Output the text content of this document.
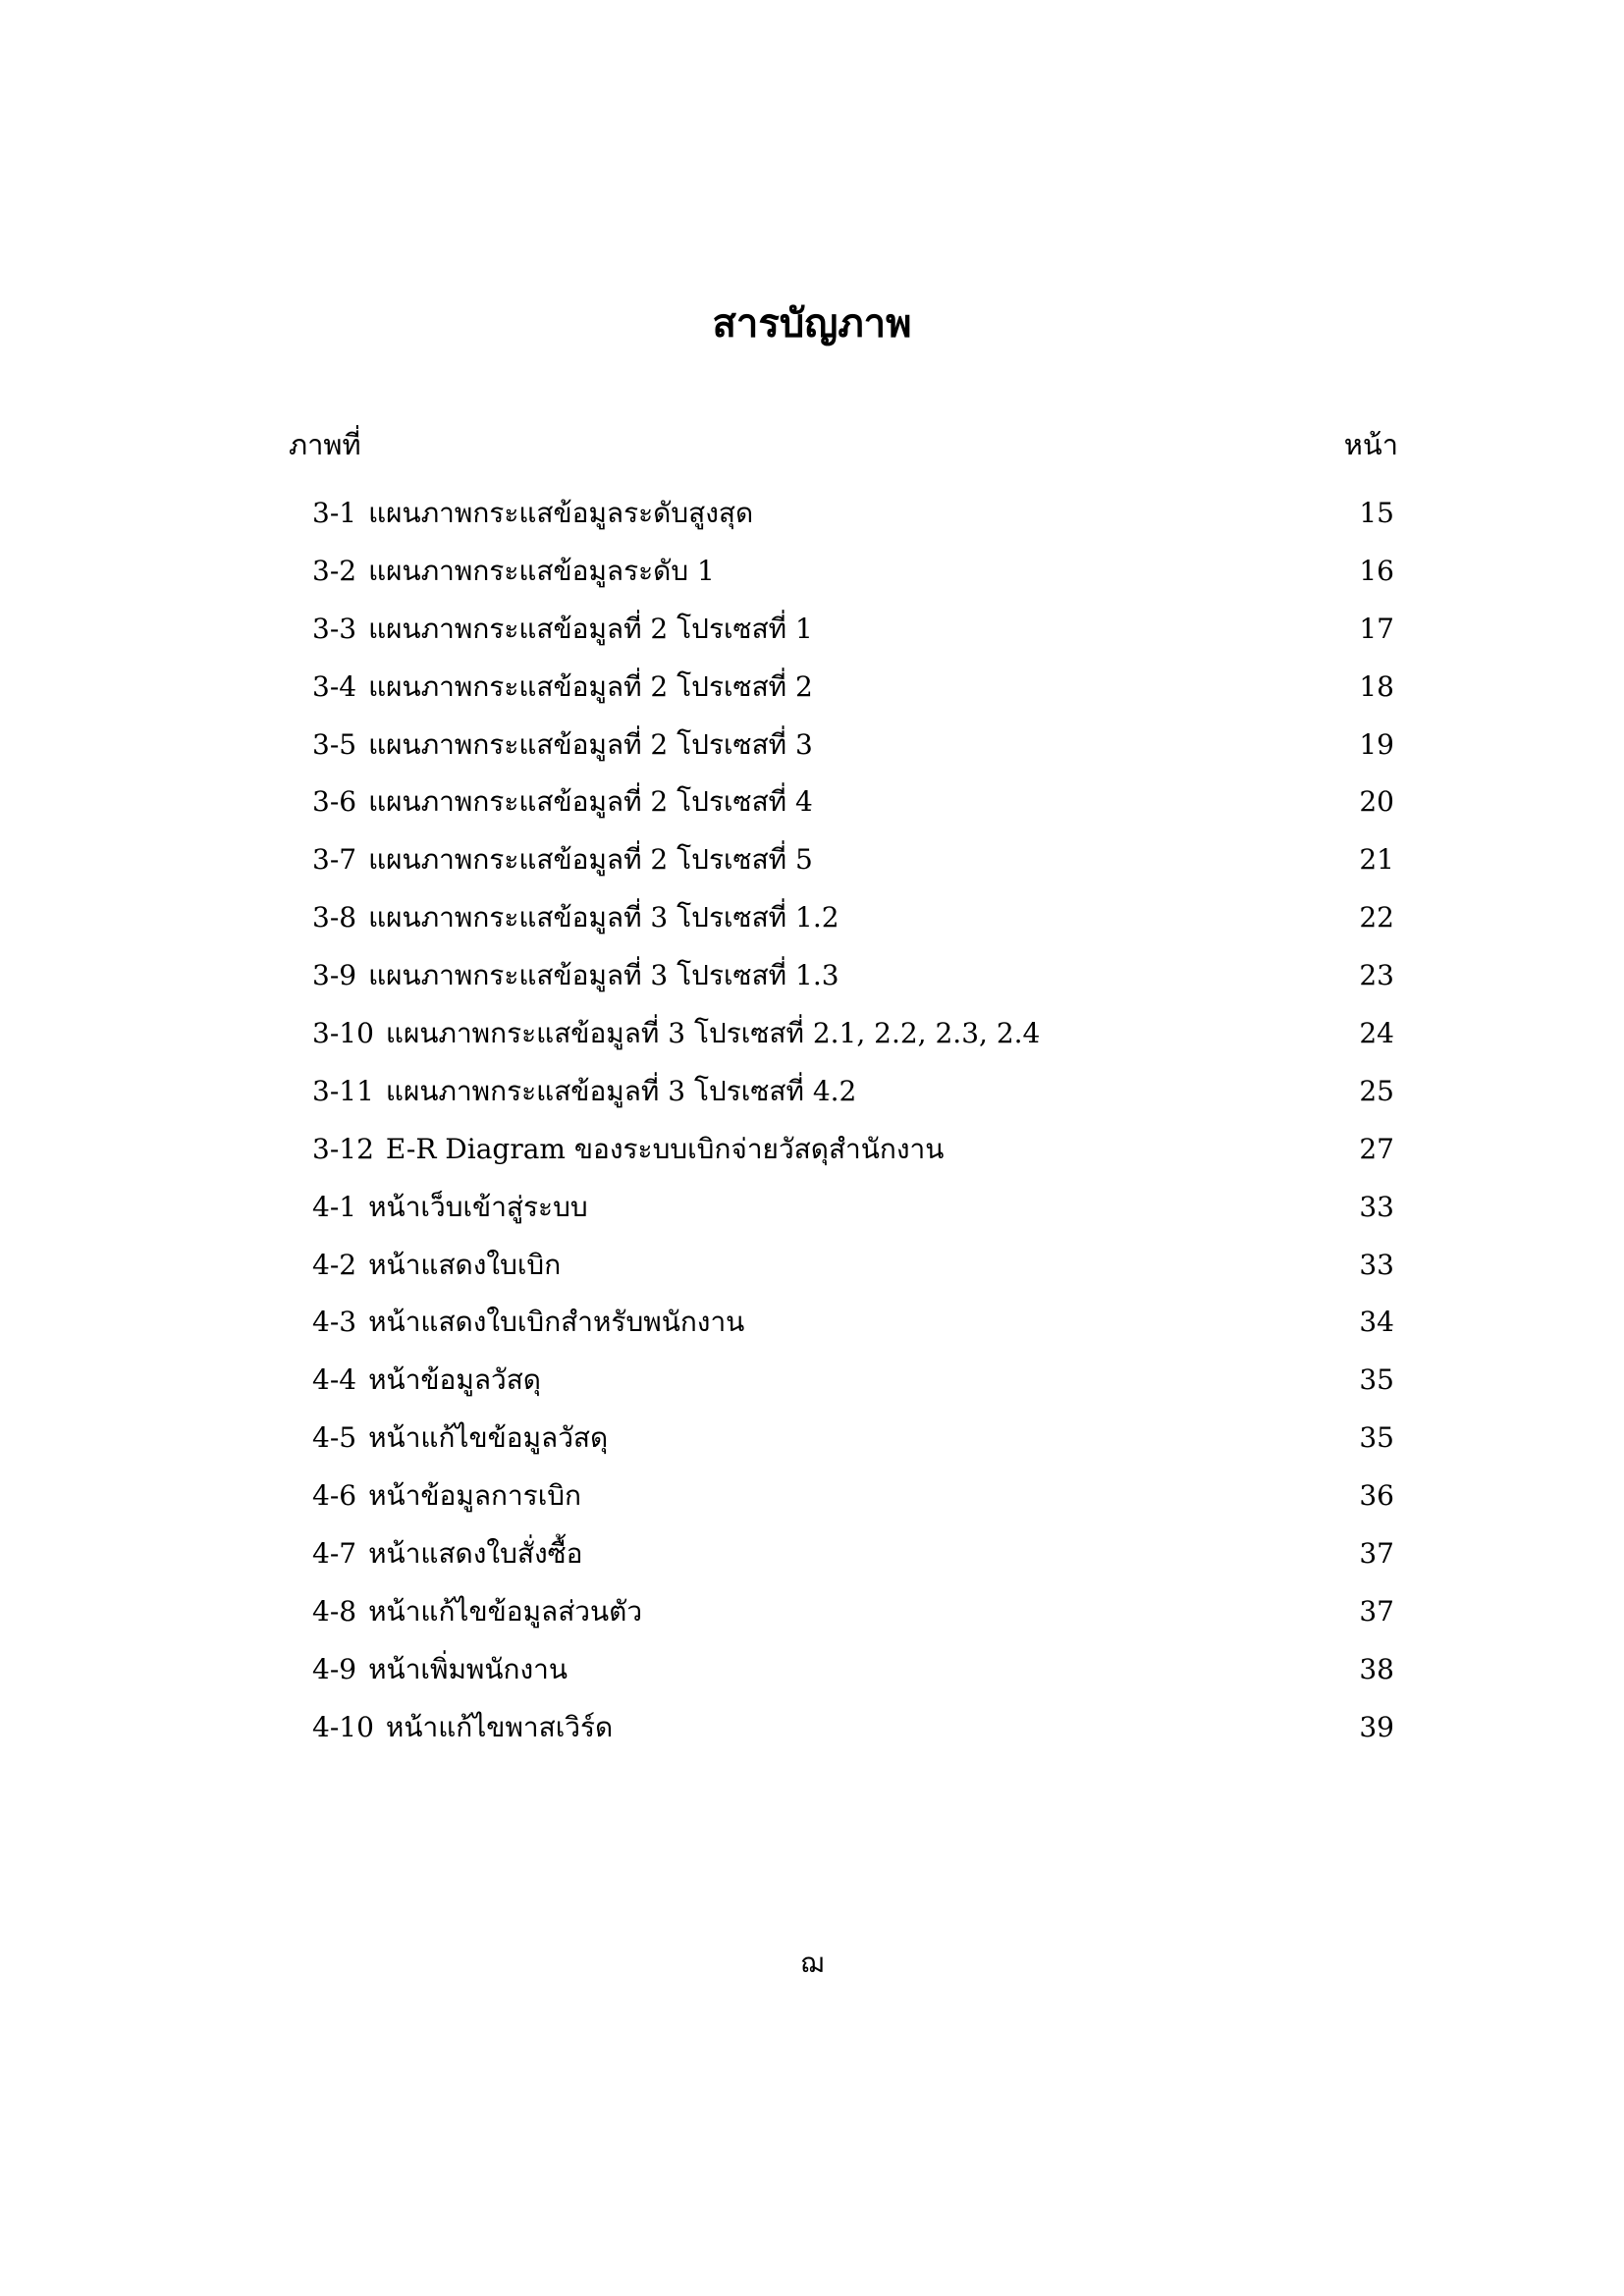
สารบัญภาพ
ภาพที่	หน้า
3-1 แผนภาพกระแสข้อมูลระดับสูงสุด	15
3-2 แผนภาพกระแสข้อมูลระดับ 1	16
3-3 แผนภาพกระแสข้อมูลที่ 2 โปรเซสที่ 1	17
3-4 แผนภาพกระแสข้อมูลที่ 2 โปรเซสที่ 2	18
3-5 แผนภาพกระแสข้อมูลที่ 2 โปรเซสที่ 3	19
3-6 แผนภาพกระแสข้อมูลที่ 2 โปรเซสที่ 4	20
3-7 แผนภาพกระแสข้อมูลที่ 2 โปรเซสที่ 5	21
3-8 แผนภาพกระแสข้อมูลที่ 3 โปรเซสที่ 1.2	22
3-9 แผนภาพกระแสข้อมูลที่ 3 โปรเซสที่ 1.3	23
3-10 แผนภาพกระแสข้อมูลที่ 3 โปรเซสที่ 2.1, 2.2, 2.3, 2.4	24
3-11 แผนภาพกระแสข้อมูลที่ 3 โปรเซสที่ 4.2	25
3-12 E-R Diagram ของระบบเบิกจ่ายวัสดุสำนักงาน	27
4-1 หน้าเว็บเข้าสู่ระบบ	33
4-2 หน้าแสดงใบเบิก	33
4-3 หน้าแสดงใบเบิกสำหรับพนักงาน	34
4-4 หน้าข้อมูลวัสดุ	35
4-5 หน้าแก้ไขข้อมูลวัสดุ	35
4-6 หน้าข้อมูลการเบิก	36
4-7 หน้าแสดงใบสั่งซื้อ	37
4-8 หน้าแก้ไขข้อมูลส่วนตัว	37
4-9 หน้าเพิ่มพนักงาน	38
4-10 หน้าแก้ไขพาสเวิร์ด	39
ฌ
